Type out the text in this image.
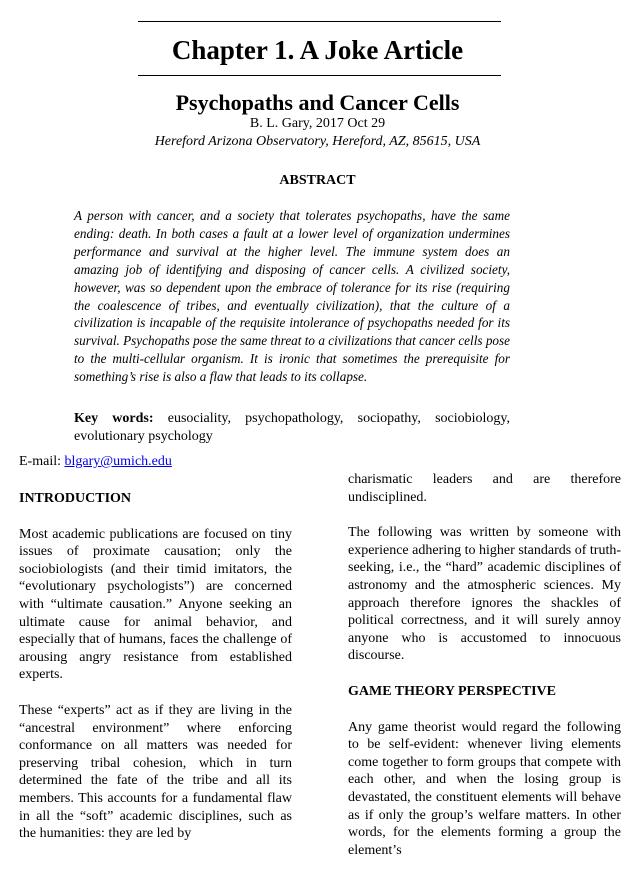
Chapter 1. A Joke Article
Psychopaths and Cancer Cells
B. L. Gary, 2017 Oct 29
Hereford Arizona Observatory, Hereford, AZ, 85615, USA
ABSTRACT

A person with cancer, and a society that tolerates psychopaths, have the same ending: death. In both cases a fault at a lower level of organization undermines performance and survival at the higher level. The immune system does an amazing job of identifying and disposing of cancer cells. A civilized society, however, was so dependent upon the embrace of tolerance for its rise (requiring the coalescence of tribes, and eventually civilization), that the culture of a civilization is incapable of the requisite intolerance of psychopaths needed for its survival. Psychopaths pose the same threat to a civilizations that cancer cells pose to the multi-cellular organism. It is ironic that sometimes the prerequisite for something’s rise is also a flaw that leads to its collapse.

Key words: eusociality, psychopathology, sociopathy, sociobiology, evolutionary psychology

E-mail: blgary@umich.edu
INTRODUCTION

Most academic publications are focused on tiny issues of proximate causation; only the sociobiologists (and their timid imitators, the “evolutionary psychologists”) are concerned with “ultimate causation.” Anyone seeking an ultimate cause for animal behavior, and especially that of humans, faces the challenge of arousing angry resistance from established experts.

These “experts” act as if they are living in the “ancestral environment” where enforcing conformance on all matters was needed for preserving tribal cohesion, which in turn determined the fate of the tribe and all its members. This accounts for a fundamental flaw in all the “soft” academic disciplines, such as the humanities: they are led by

charismatic leaders and are therefore undisciplined.

The following was written by someone with experience adhering to higher standards of truth-seeking, i.e., the “hard” academic disciplines of astronomy and the atmospheric sciences. My approach therefore ignores the shackles of political correctness, and it will surely annoy anyone who is accustomed to innocuous discourse.

GAME THEORY PERSPECTIVE

Any game theorist would regard the following to be self-evident: whenever living elements come together to form groups that compete with each other, and when the losing group is devastated, the constituent elements will behave as if only the group’s welfare matters. In other words, for the elements forming a group the element’s
